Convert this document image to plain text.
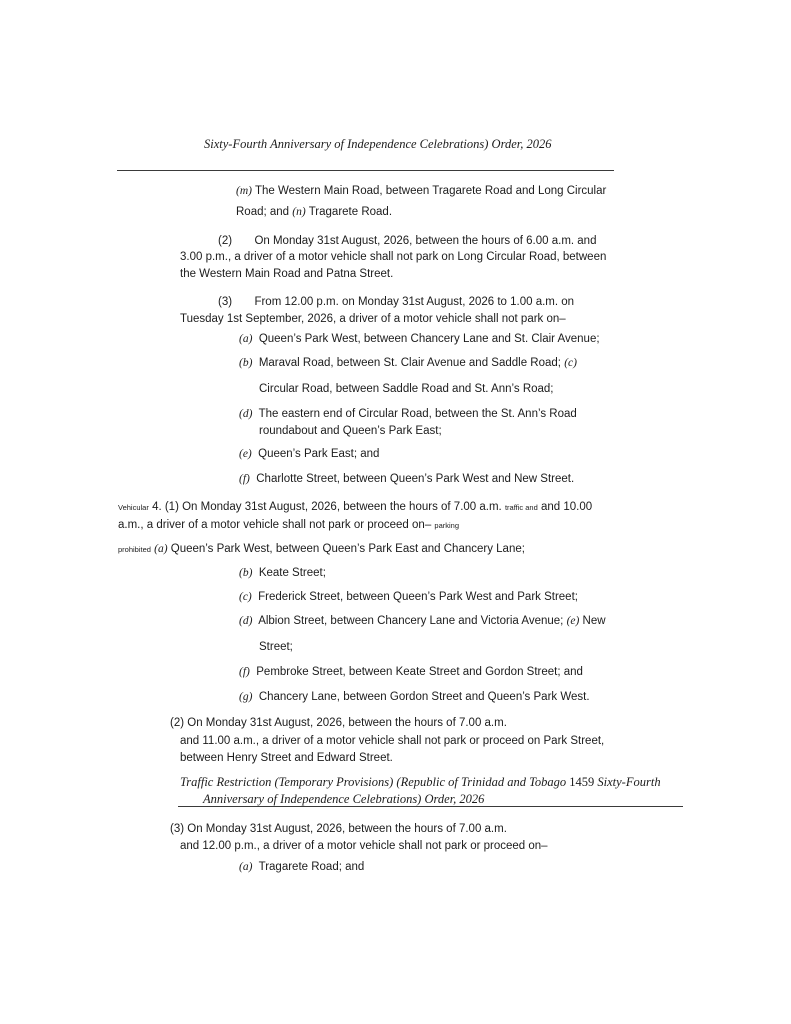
Sixty-Fourth Anniversary of Independence Celebrations) Order, 2026
(m) The Western Main Road, between Tragarete Road and Long Circular
Road; and (n) Tragarete Road.
(2) On Monday 31st August, 2026, between the hours of 6.00 a.m. and
3.00 p.m., a driver of a motor vehicle shall not park on Long Circular Road, between
the Western Main Road and Patna Street.
(3) From 12.00 p.m. on Monday 31st August, 2026 to 1.00 a.m. on
Tuesday 1st September, 2026, a driver of a motor vehicle shall not park on–
(a) Queen’s Park West, between Chancery Lane and St. Clair Avenue;
(b) Maraval Road, between St. Clair Avenue and Saddle Road; (c)
Circular Road, between Saddle Road and St. Ann’s Road;
(d) The eastern end of Circular Road, between the St. Ann’s Road
roundabout and Queen’s Park East;
(e) Queen’s Park East; and
(f) Charlotte Street, between Queen’s Park West and New Street.
Vehicular 4. (1) On Monday 31st August, 2026, between the hours of 7.00 a.m. traffic and and 10.00
a.m., a driver of a motor vehicle shall not park or proceed on– parking
prohibited (a) Queen’s Park West, between Queen’s Park East and Chancery Lane;
(b) Keate Street;
(c) Frederick Street, between Queen’s Park West and Park Street;
(d) Albion Street, between Chancery Lane and Victoria Avenue; (e) New
Street;
(f) Pembroke Street, between Keate Street and Gordon Street; and
(g) Chancery Lane, between Gordon Street and Queen’s Park West.
(2) On Monday 31st August, 2026, between the hours of 7.00 a.m.
and 11.00 a.m., a driver of a motor vehicle shall not park or proceed on Park Street,
between Henry Street and Edward Street.
Traffic Restriction (Temporary Provisions) (Republic of Trinidad and Tobago 1459 Sixty-Fourth
Anniversary of Independence Celebrations) Order, 2026
(3) On Monday 31st August, 2026, between the hours of 7.00 a.m.
and 12.00 p.m., a driver of a motor vehicle shall not park or proceed on–
(a) Tragarete Road; and
